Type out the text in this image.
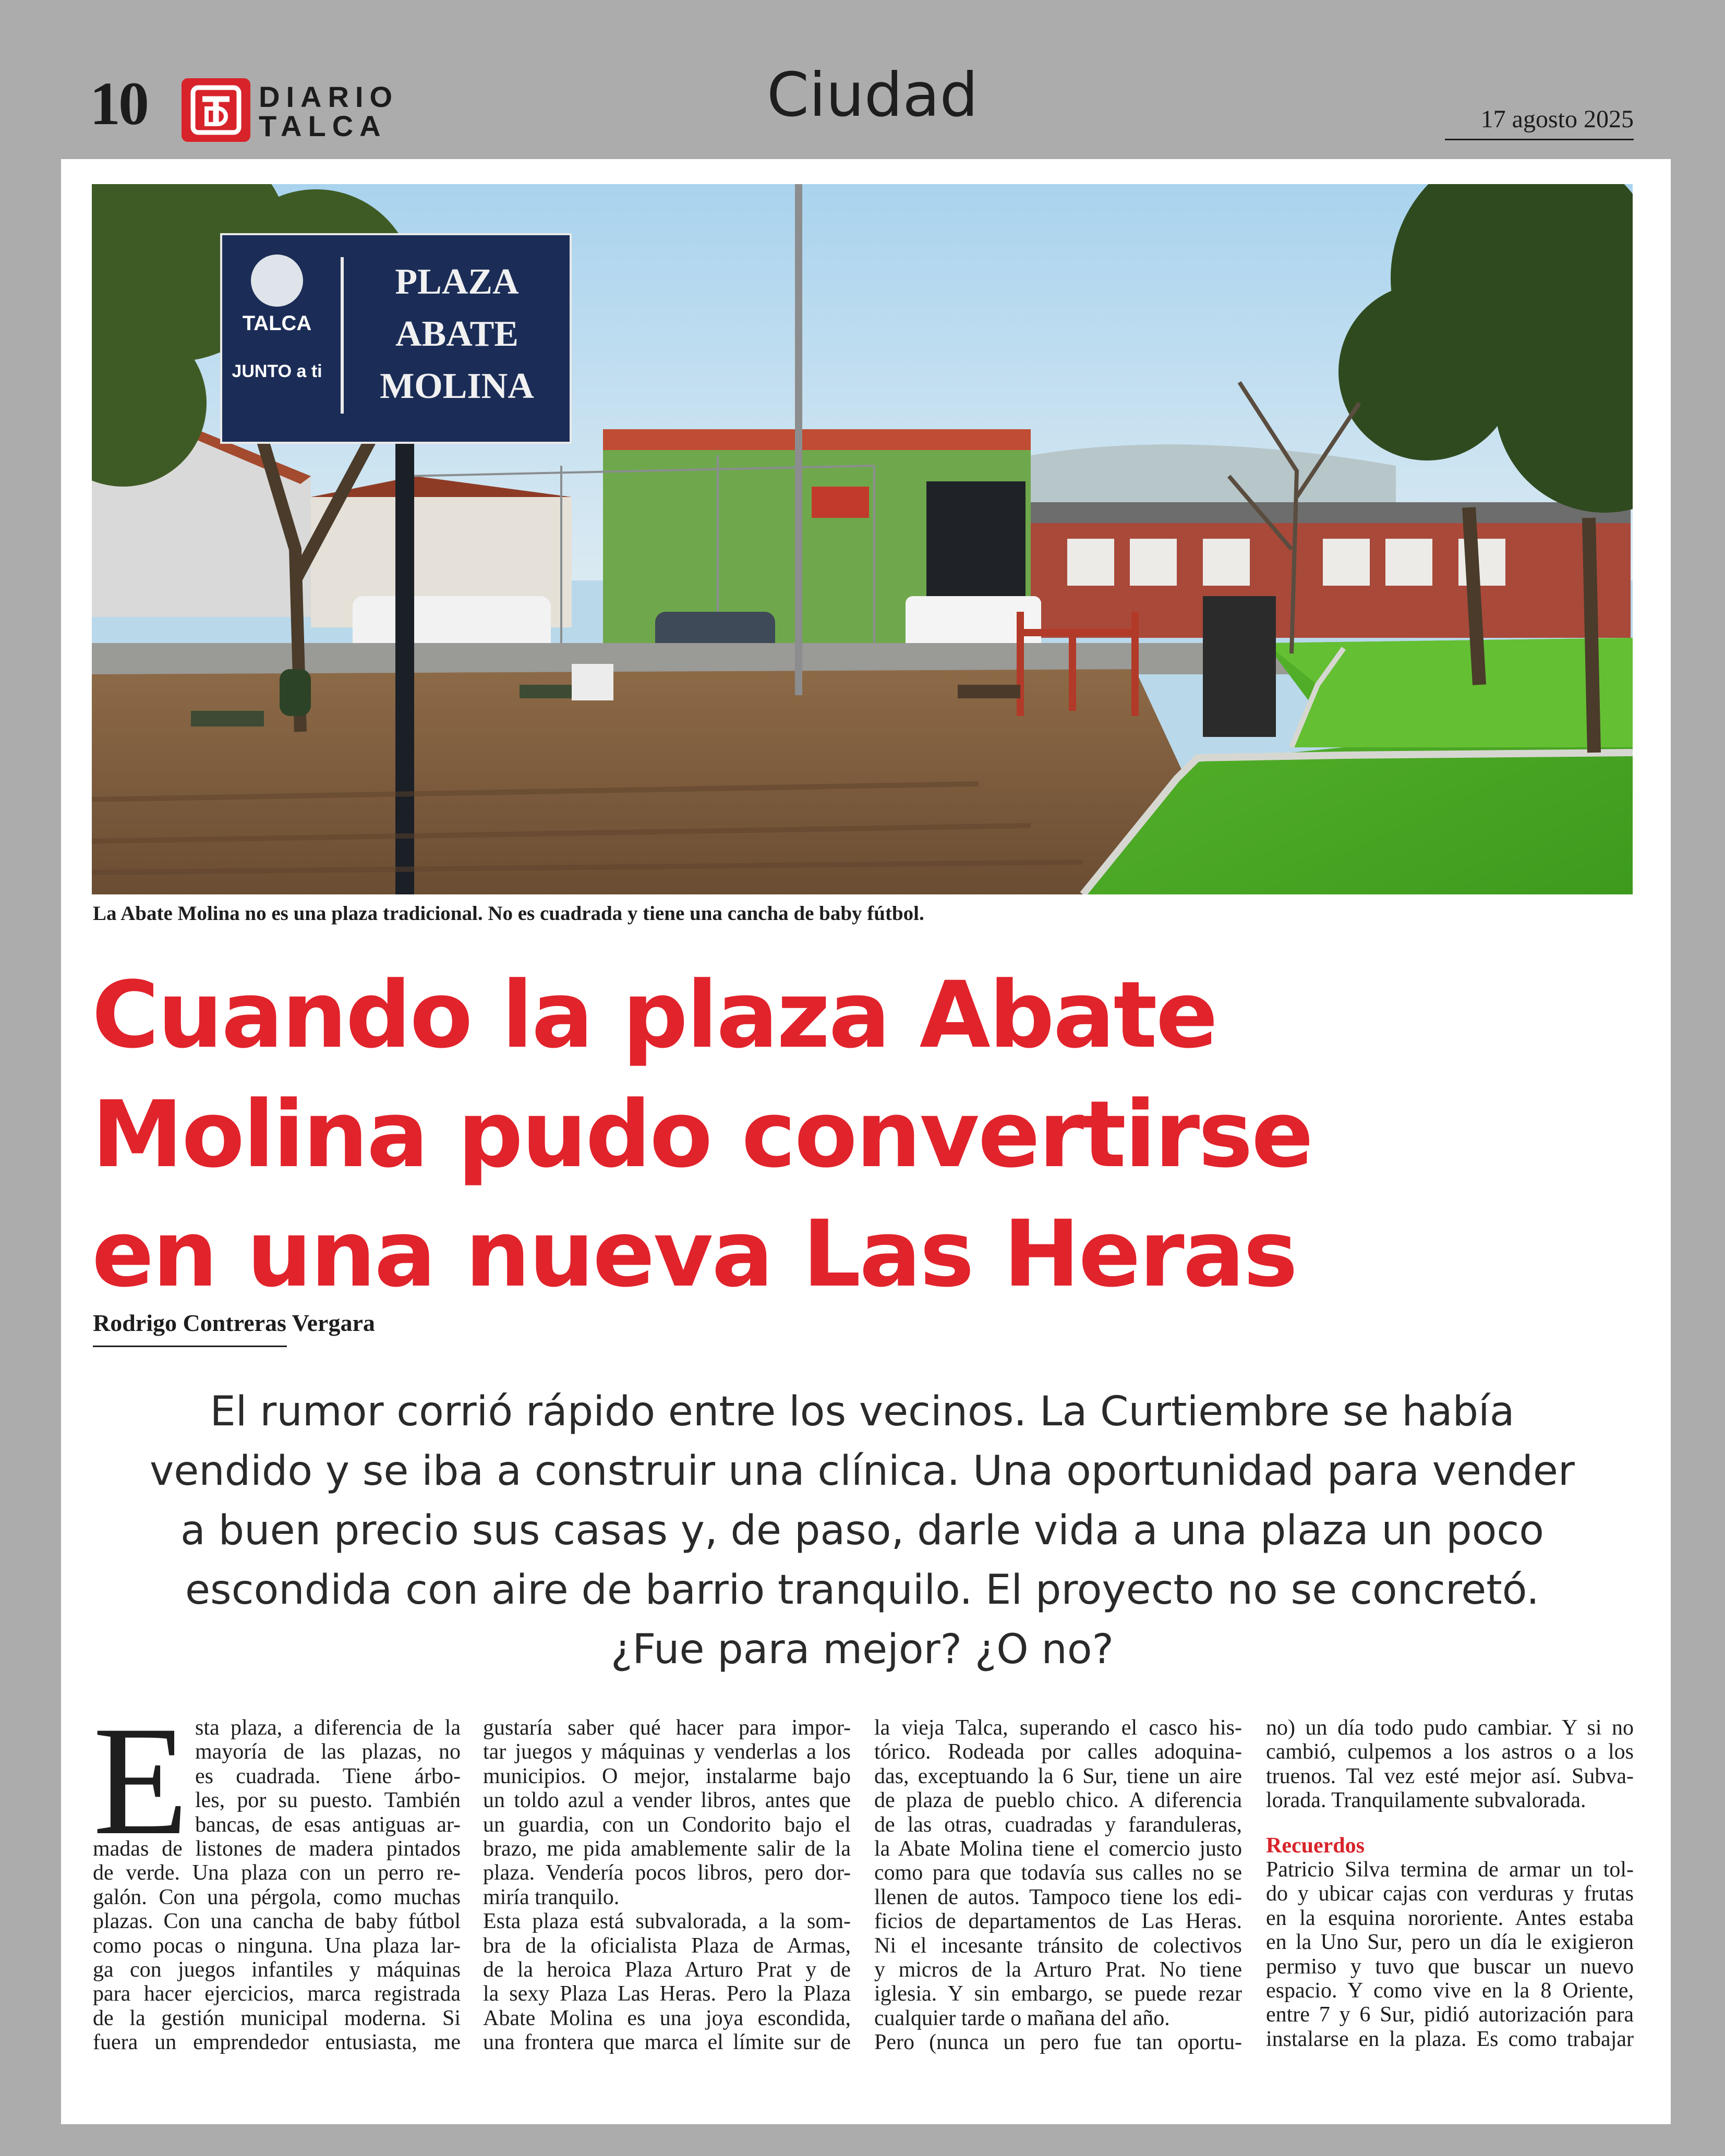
10	DIARIO
TALCA	Ciudad	17 agosto 2025
TALCA
JUNTO a ti
PLAZA
ABATE
MOLINA
La Abate Molina no es una plaza tradicional. No es cuadrada y tiene una cancha de baby fútbol.
Cuando la plaza Abate
Molina pudo convertirse
en una nueva Las Heras
Rodrigo Contreras Vergara
El rumor corrió rápido entre los vecinos. La Curtiembre se había
vendido y se iba a construir una clínica. Una oportunidad para vender
a buen precio sus casas y, de paso, darle vida a una plaza un poco
escondida con aire de barrio tranquilo. El proyecto no se concretó.
¿Fue para mejor? ¿O no?
E sta plaza, a diferencia de la
mayoría de las plazas, no
es cuadrada. Tiene árbo-
les, por su puesto. También
bancas, de esas antiguas ar-
madas de listones de madera pintados
de verde. Una plaza con un perro re-
galón. Con una pérgola, como muchas
plazas. Con una cancha de baby fútbol
como pocas o ninguna. Una plaza lar-
ga con juegos infantiles y máquinas
para hacer ejercicios, marca registrada
de la gestión municipal moderna. Si
fuera un emprendedor entusiasta, me
gustaría saber qué hacer para impor-
tar juegos y máquinas y venderlas a los
municipios. O mejor, instalarme bajo
un toldo azul a vender libros, antes que
un guardia, con un Condorito bajo el
brazo, me pida amablemente salir de la
plaza. Vendería pocos libros, pero dor-
miría tranquilo.
Esta plaza está subvalorada, a la som-
bra de la oficialista Plaza de Armas,
de la heroica Plaza Arturo Prat y de
la sexy Plaza Las Heras. Pero la Plaza
Abate Molina es una joya escondida,
una frontera que marca el límite sur de
la vieja Talca, superando el casco his-
tórico. Rodeada por calles adoquina-
das, exceptuando la 6 Sur, tiene un aire
de plaza de pueblo chico. A diferencia
de las otras, cuadradas y faranduleras,
la Abate Molina tiene el comercio justo
como para que todavía sus calles no se
llenen de autos. Tampoco tiene los edi-
ficios de departamentos de Las Heras.
Ni el incesante tránsito de colectivos
y micros de la Arturo Prat. No tiene
iglesia. Y sin embargo, se puede rezar
cualquier tarde o mañana del año.
Pero (nunca un pero fue tan oportu-
no) un día todo pudo cambiar. Y si no
cambió, culpemos a los astros o a los
truenos. Tal vez esté mejor así. Subva-
lorada. Tranquilamente subvalorada.
Recuerdos
Patricio Silva termina de armar un tol-
do y ubicar cajas con verduras y frutas
en la esquina nororiente. Antes estaba
en la Uno Sur, pero un día le exigieron
permiso y tuvo que buscar un nuevo
espacio. Y como vive en la 8 Oriente,
entre 7 y 6 Sur, pidió autorización para
instalarse en la plaza. Es como trabajar
